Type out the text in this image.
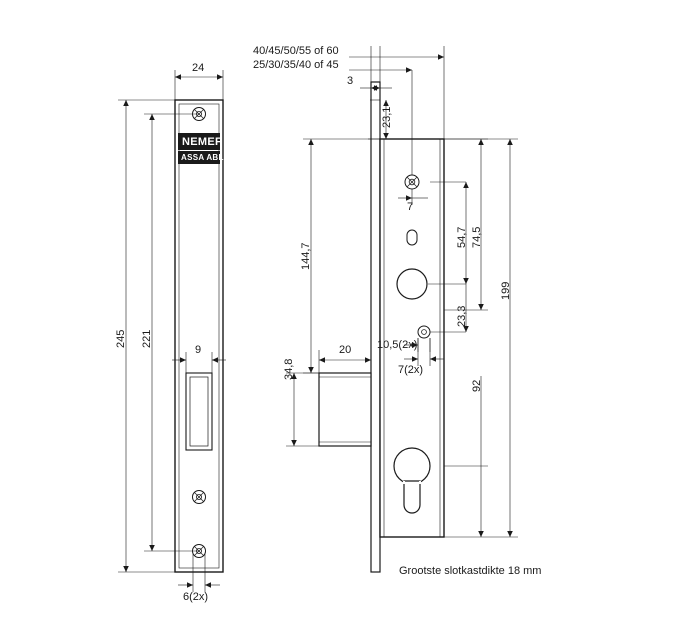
NEMEF
ASSA ABLOY
40/45/50/55 of 60
25/30/35/40 of 45
24
9
245 221
6(2x)
3
23,1
144,7
7
54,7 74,5
199
23,3
10,5(2x)
7(2x)
92
20
34,8
Grootste slotkastdikte 18 mm
